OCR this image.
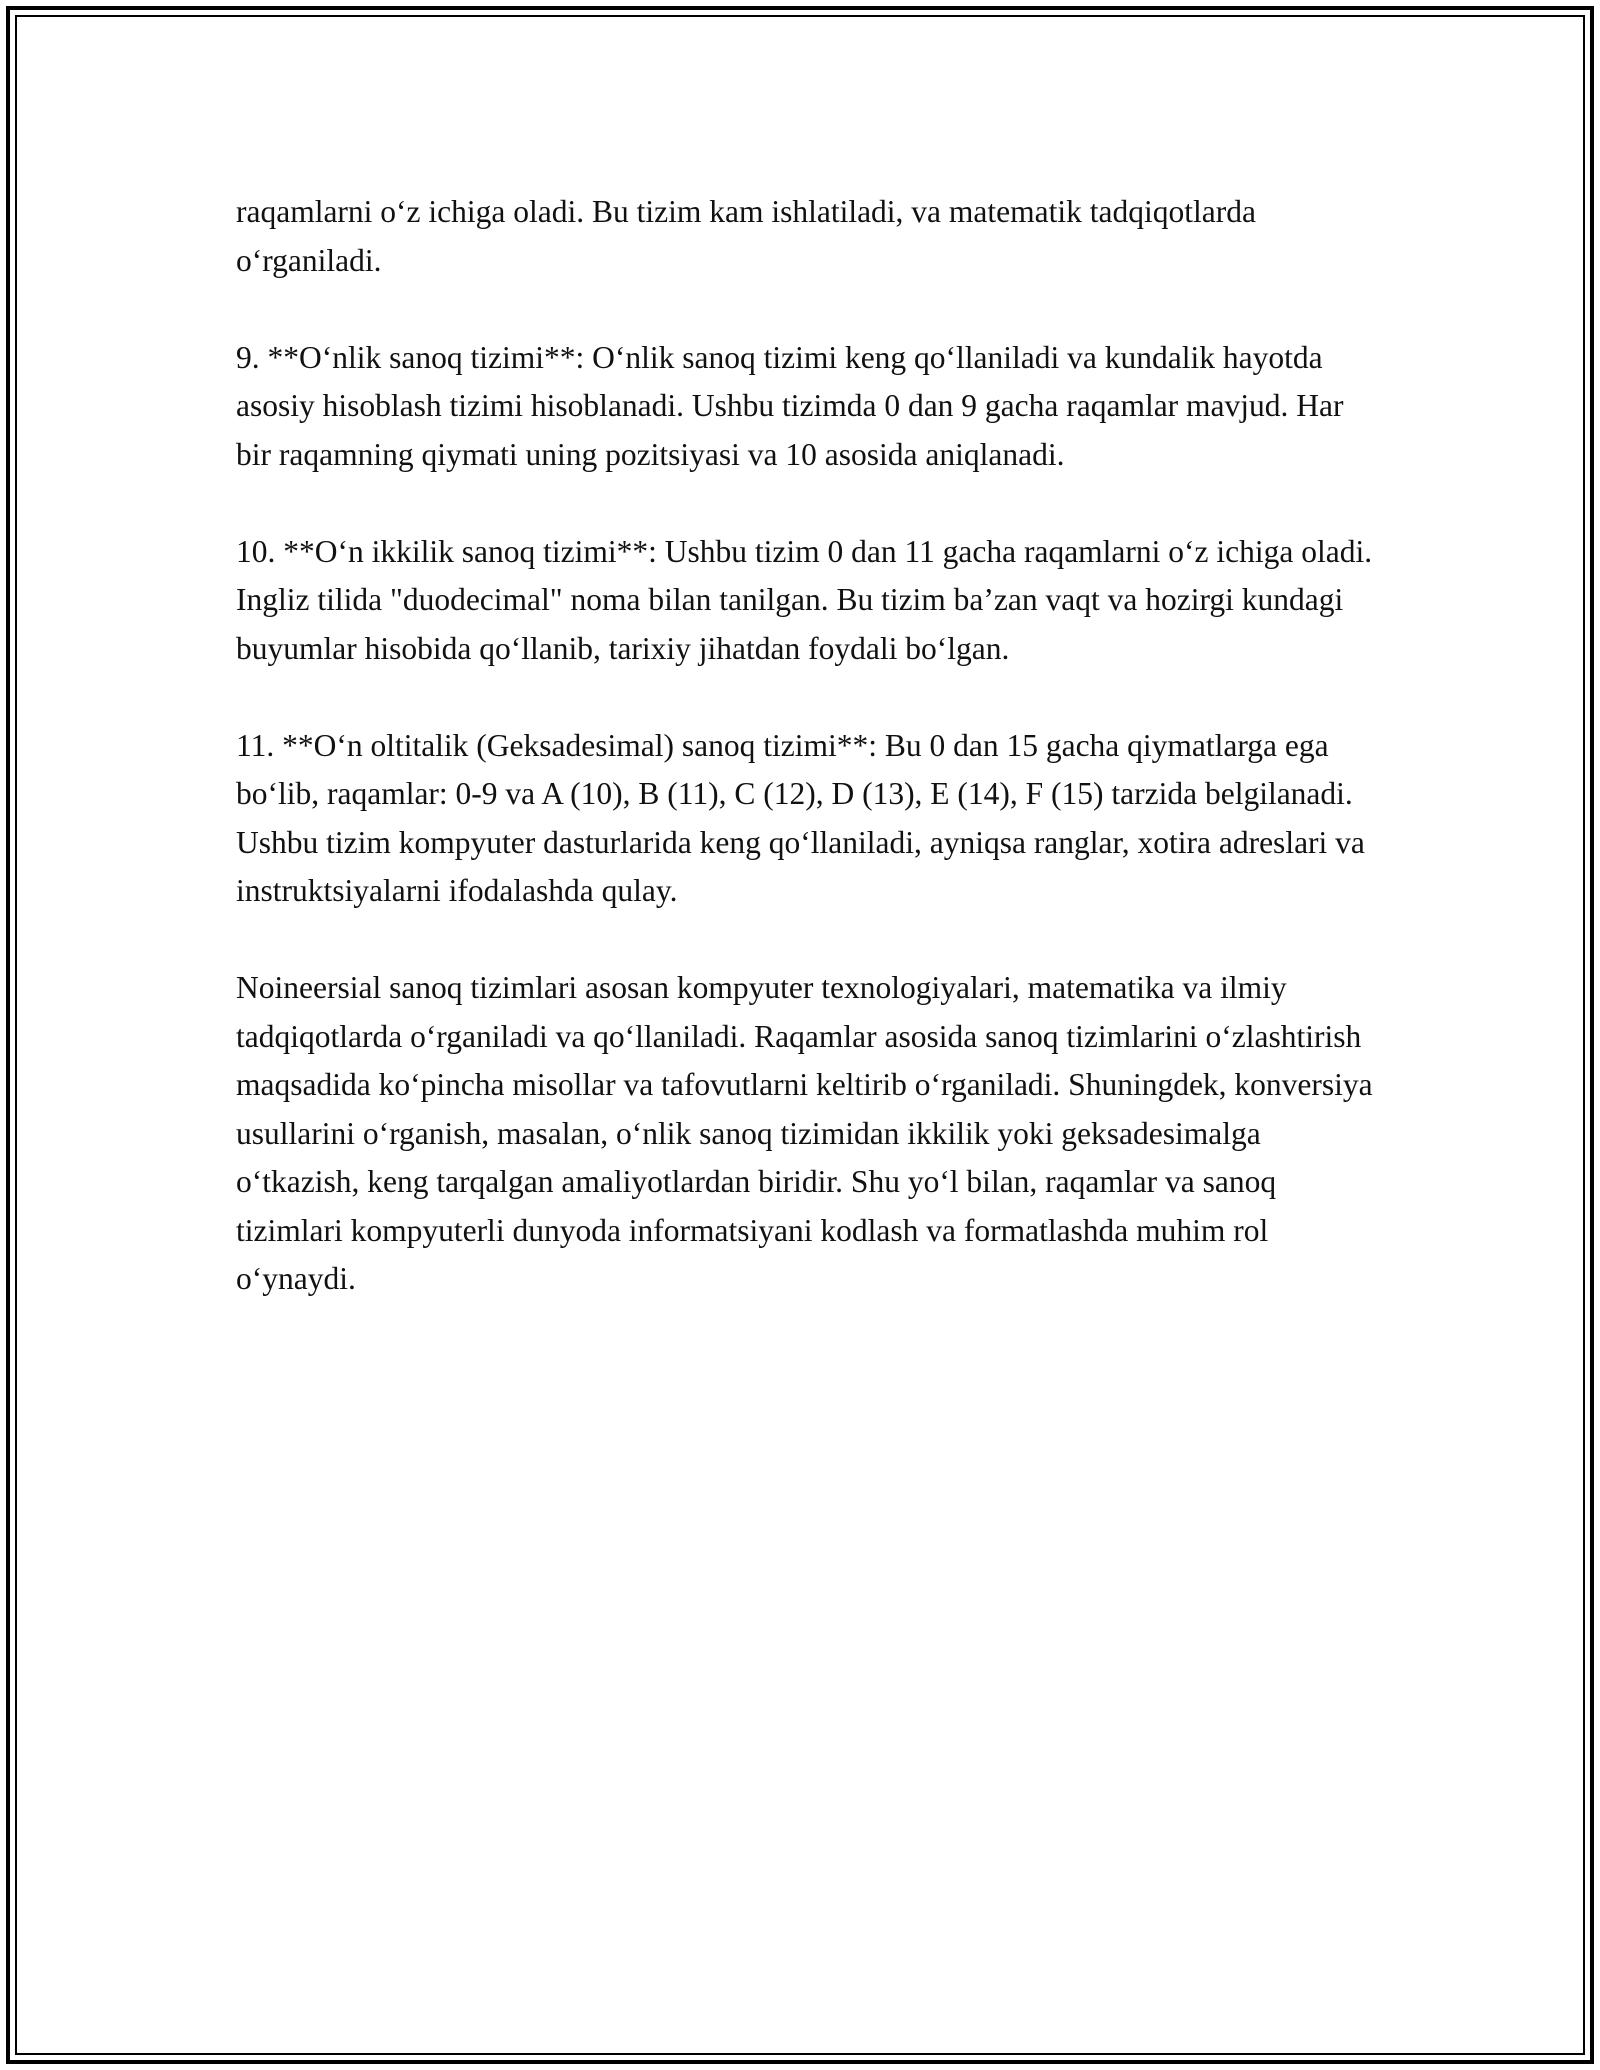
raqamlarni o‘z ichiga oladi. Bu tizim kam ishlatiladi, va matematik tadqiqotlarda o‘rganiladi.

9. **O‘nlik sanoq tizimi**: O‘nlik sanoq tizimi keng qo‘llaniladi va kundalik hayotda asosiy hisoblash tizimi hisoblanadi. Ushbu tizimda 0 dan 9 gacha raqamlar mavjud. Har bir raqamning qiymati uning pozitsiyasi va 10 asosida aniqlanadi.

10. **O‘n ikkilik sanoq tizimi**: Ushbu tizim 0 dan 11 gacha raqamlarni o‘z ichiga oladi. Ingliz tilida "duodecimal" noma bilan tanilgan. Bu tizim ba’zan vaqt va hozirgi kundagi buyumlar hisobida qo‘llanib, tarixiy jihatdan foydali bo‘lgan.

11. **O‘n oltitalik (Geksadesimal) sanoq tizimi**: Bu 0 dan 15 gacha qiymatlarga ega bo‘lib, raqamlar: 0-9 va A (10), B (11), C (12), D (13), E (14), F (15) tarzida belgilanadi. Ushbu tizim kompyuter dasturlarida keng qo‘llaniladi, ayniqsa ranglar, xotira adreslari va instruktsiyalarni ifodalashda qulay.

Noineersial sanoq tizimlari asosan kompyuter texnologiyalari, matematika va ilmiy tadqiqotlarda o‘rganiladi va qo‘llaniladi. Raqamlar asosida sanoq tizimlarini o‘zlashtirish maqsadida ko‘pincha misollar va tafovutlarni keltirib o‘rganiladi. Shuningdek, konversiya usullarini o‘rganish, masalan, o‘nlik sanoq tizimidan ikkilik yoki geksadesimalga o‘tkazish, keng tarqalgan amaliyotlardan biridir. Shu yo‘l bilan, raqamlar va sanoq tizimlari kompyuterli dunyoda informatsiyani kodlash va formatlashda muhim rol o‘ynaydi.
